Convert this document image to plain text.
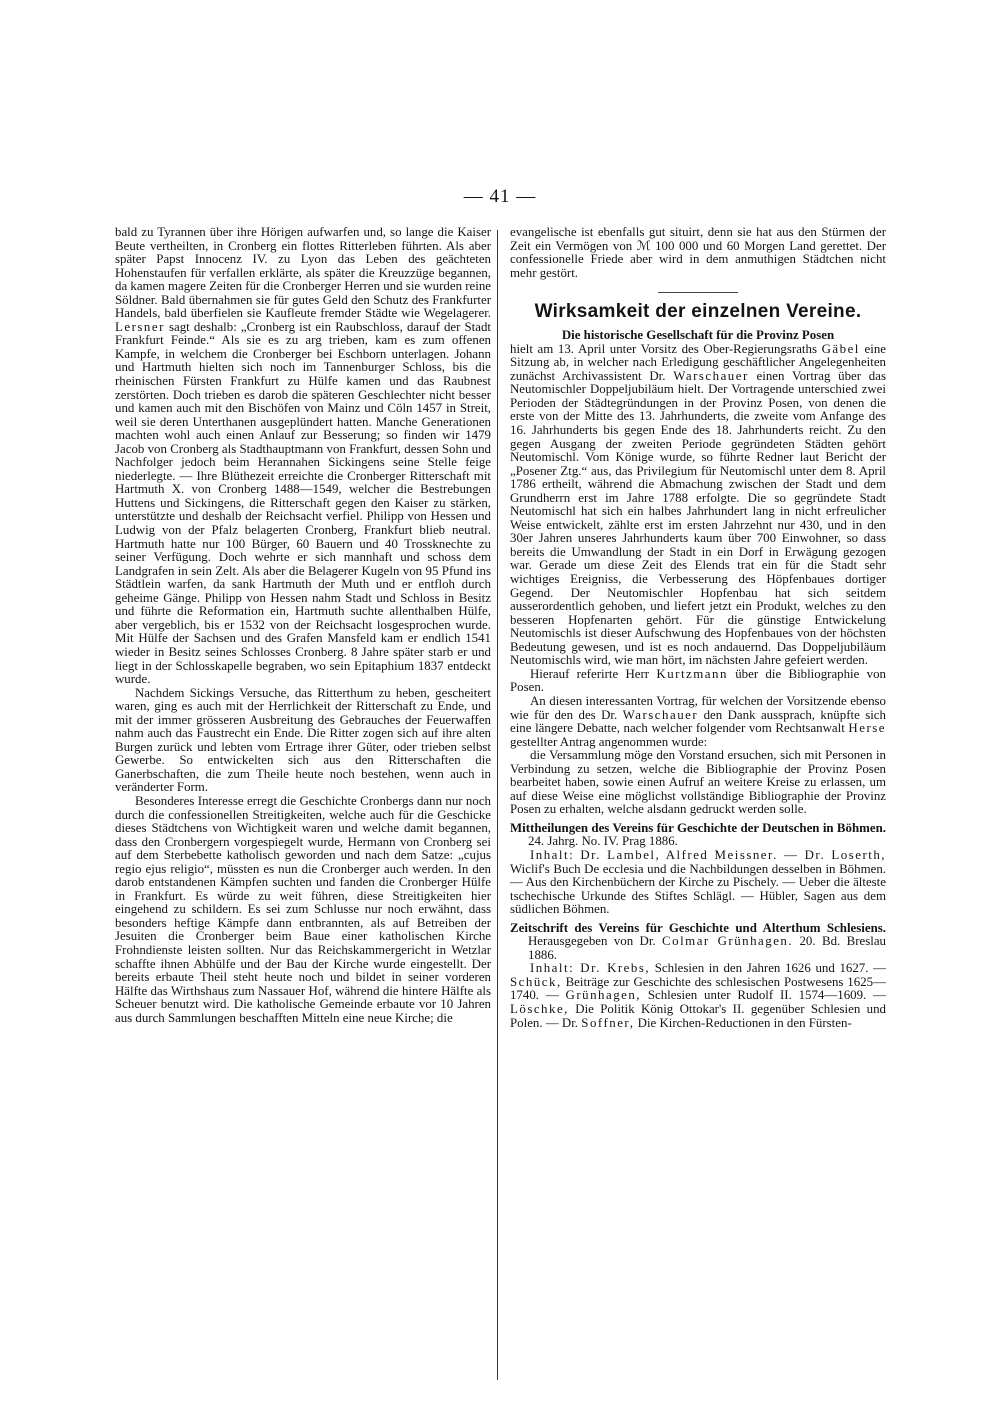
— 41 —

bald zu Tyrannen über ihre Hörigen aufwarfen und, so lange die Kaiser Beute vertheilten, in Cronberg ein flottes Ritterleben führten. Als aber später Papst Innocenz IV. zu Lyon das Leben des geächteten Hohenstaufen für verfallen erklärte, als später die Kreuzzüge begannen, da kamen magere Zeiten für die Cronberger Herren und sie wurden reine Söldner. Bald übernahmen sie für gutes Geld den Schutz des Frankfurter Handels, bald überfielen sie Kaufleute fremder Städte wie Wegelagerer. Lersner sagt deshalb: „Cronberg ist ein Raubschloss, darauf der Stadt Frankfurt Feinde.“ Als sie es zu arg trieben, kam es zum offenen Kampfe, in welchem die Cronberger bei Eschborn unterlagen. Johann und Hartmuth hielten sich noch im Tannenburger Schloss, bis die rheinischen Fürsten Frankfurt zu Hülfe kamen und das Raubnest zerstörten. Doch trieben es darob die späteren Geschlechter nicht besser und kamen auch mit den Bischöfen von Mainz und Cöln 1457 in Streit, weil sie deren Unterthanen ausgeplündert hatten. Manche Generationen machten wohl auch einen Anlauf zur Besserung; so finden wir 1479 Jacob von Cronberg als Stadthauptmann von Frankfurt, dessen Sohn und Nachfolger jedoch beim Herannahen Sickingens seine Stelle feige niederlegte. — Ihre Blüthezeit erreichte die Cronberger Ritterschaft mit Hartmuth X. von Cronberg 1488—1549, welcher die Bestrebungen Huttens und Sickingens, die Ritterschaft gegen den Kaiser zu stärken, unterstützte und deshalb der Reichsacht verfiel. Philipp von Hessen und Ludwig von der Pfalz belagerten Cronberg, Frankfurt blieb neutral. Hartmuth hatte nur 100 Bürger, 60 Bauern und 40 Trossknechte zu seiner Verfügung. Doch wehrte er sich mannhaft und schoss dem Landgrafen in sein Zelt. Als aber die Belagerer Kugeln von 95 Pfund ins Städtlein warfen, da sank Hartmuth der Muth und er entfloh durch geheime Gänge. Philipp von Hessen nahm Stadt und Schloss in Besitz und führte die Reformation ein, Hartmuth suchte allenthalben Hülfe, aber vergeblich, bis er 1532 von der Reichsacht losgesprochen wurde. Mit Hülfe der Sachsen und des Grafen Mansfeld kam er endlich 1541 wieder in Besitz seines Schlosses Cronberg. 8 Jahre später starb er und liegt in der Schlosskapelle begraben, wo sein Epitaphium 1837 entdeckt wurde.

Nachdem Sickings Versuche, das Ritterthum zu heben, gescheitert waren, ging es auch mit der Herrlichkeit der Ritterschaft zu Ende, und mit der immer grösseren Ausbreitung des Gebrauches der Feuerwaffen nahm auch das Faustrecht ein Ende. Die Ritter zogen sich auf ihre alten Burgen zurück und lebten vom Ertrage ihrer Güter, oder trieben selbst Gewerbe. So entwickelten sich aus den Ritterschaften die Ganerbschaften, die zum Theile heute noch bestehen, wenn auch in veränderter Form.

Besonderes Interesse erregt die Geschichte Cronbergs dann nur noch durch die confessionellen Streitigkeiten, welche auch für die Geschicke dieses Städtchens von Wichtigkeit waren und welche damit begannen, dass den Cronbergern vorgespiegelt wurde, Hermann von Cronberg sei auf dem Sterbebette katholisch geworden und nach dem Satze: „cujus regio ejus religio“, müssten es nun die Cronberger auch werden. In den darob entstandenen Kämpfen suchten und fanden die Cronberger Hülfe in Frankfurt. Es würde zu weit führen, diese Streitigkeiten hier eingehend zu schildern. Es sei zum Schlusse nur noch erwähnt, dass besonders heftige Kämpfe dann entbrannten, als auf Betreiben der Jesuiten die Cronberger beim Baue einer katholischen Kirche Frohndienste leisten sollten. Nur das Reichskammergericht in Wetzlar schaffte ihnen Abhülfe und der Bau der Kirche wurde eingestellt. Der bereits erbaute Theil steht heute noch und bildet in seiner vorderen Hälfte das Wirthshaus zum Nassauer Hof, während die hintere Hälfte als Scheuer benutzt wird. Die katholische Gemeinde erbaute vor 10 Jahren aus durch Sammlungen beschafften Mitteln eine neue Kirche; die

evangelische ist ebenfalls gut situirt, denn sie hat aus den Stürmen der Zeit ein Vermögen von ℳ 100 000 und 60 Morgen Land gerettet. Der confessionelle Friede aber wird in dem anmuthigen Städtchen nicht mehr gestört.

Wirksamkeit der einzelnen Vereine.

Die historische Gesellschaft für die Provinz Posen

hielt am 13. April unter Vorsitz des Ober-Regierungsraths Gäbel eine Sitzung ab, in welcher nach Erledigung geschäftlicher Angelegenheiten zunächst Archivassistent Dr. Warschauer einen Vortrag über das Neutomischler Doppeljubiläum hielt. Der Vortragende unterschied zwei Perioden der Städtegründungen in der Provinz Posen, von denen die erste von der Mitte des 13. Jahrhunderts, die zweite vom Anfange des 16. Jahrhunderts bis gegen Ende des 18. Jahrhunderts reicht. Zu den gegen Ausgang der zweiten Periode gegründeten Städten gehört Neutomischl. Vom Könige wurde, so führte Redner laut Bericht der „Posener Ztg.“ aus, das Privilegium für Neutomischl unter dem 8. April 1786 ertheilt, während die Abmachung zwischen der Stadt und dem Grundherrn erst im Jahre 1788 erfolgte. Die so gegründete Stadt Neutomischl hat sich ein halbes Jahrhundert lang in nicht erfreulicher Weise entwickelt, zählte erst im ersten Jahrzehnt nur 430, und in den 30er Jahren unseres Jahrhunderts kaum über 700 Einwohner, so dass bereits die Umwandlung der Stadt in ein Dorf in Erwägung gezogen war. Gerade um diese Zeit des Elends trat ein für die Stadt sehr wichtiges Ereigniss, die Verbesserung des Höpfenbaues dortiger Gegend. Der Neutomischler Hopfenbau hat sich seitdem ausserordentlich gehoben, und liefert jetzt ein Produkt, welches zu den besseren Hopfenarten gehört. Für die günstige Entwickelung Neutomischls ist dieser Aufschwung des Hopfenbaues von der höchsten Bedeutung gewesen, und ist es noch andauernd. Das Doppeljubiläum Neutomischls wird, wie man hört, im nächsten Jahre gefeiert werden.

Hierauf referirte Herr Kurtzmann über die Bibliographie von Posen.

An diesen interessanten Vortrag, für welchen der Vorsitzende ebenso wie für den des Dr. Warschauer den Dank aussprach, knüpfte sich eine längere Debatte, nach welcher folgender vom Rechtsanwalt Herse gestellter Antrag angenommen wurde:

die Versammlung möge den Vorstand ersuchen, sich mit Personen in Verbindung zu setzen, welche die Bibliographie der Provinz Posen bearbeitet haben, sowie einen Aufruf an weitere Kreise zu erlassen, um auf diese Weise eine möglichst vollständige Bibliographie der Provinz Posen zu erhalten, welche alsdann gedruckt werden solle.

Mittheilungen des Vereins für Geschichte der Deutschen in Böhmen. 24. Jahrg. No. IV. Prag 1886.

Inhalt: Dr. Lambel, Alfred Meissner. — Dr. Loserth, Wiclif's Buch De ecclesia und die Nachbildungen desselben in Böhmen. — Aus den Kirchenbüchern der Kirche zu Pischely. — Ueber die älteste tschechische Urkunde des Stiftes Schlägl. — Hübler, Sagen aus dem südlichen Böhmen.

Zeitschrift des Vereins für Geschichte und Alterthum Schlesiens. Herausgegeben von Dr. Colmar Grünhagen. 20. Bd. Breslau 1886.

Inhalt: Dr. Krebs, Schlesien in den Jahren 1626 und 1627. — Schück, Beiträge zur Geschichte des schlesischen Postwesens 1625—1740. — Grünhagen, Schlesien unter Rudolf II. 1574—1609. — Löschke, Die Politik König Ottokar's II. gegenüber Schlesien und Polen. — Dr. Soffner, Die Kirchen-Reductionen in den Fürsten-
